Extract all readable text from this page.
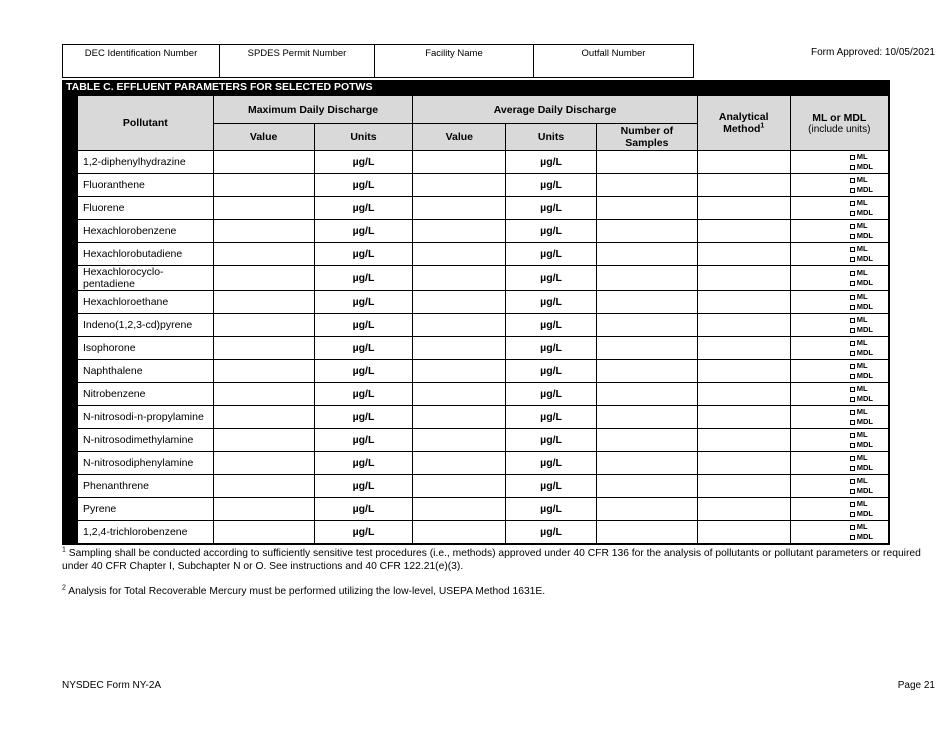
DEC Identification Number	SPDES Permit Number	Facility Name	Outfall Number	Form Approved: 10/05/2021
TABLE C. EFFLUENT PARAMETERS FOR SELECTED POTWS
Pollutant	Maximum Daily Discharge		Average Daily Discharge			Analytical Method$^1$	ML or MDL
(include units)

	Value	Units	Value	Units	Number of Samples		

1,2-diphenylhydrazine		µg/L		µg/L			ML
MDL

Fluoranthene		µg/L		µg/L			ML
MDL

Fluorene		µg/L		µg/L			ML
MDL

Hexachlorobenzene		µg/L		µg/L			ML
MDL

Hexachlorobutadiene		µg/L		µg/L			ML
MDL

Hexachlorocyclo-pentadiene		µg/L		µg/L			ML
MDL

Hexachloroethane		µg/L		µg/L			ML
MDL

Indeno(1,2,3-cd)pyrene		µg/L		µg/L			ML
MDL

Isophorone		µg/L		µg/L			ML
MDL

Naphthalene		µg/L		µg/L			ML
MDL

Nitrobenzene		µg/L		µg/L			ML
MDL

N-nitrosodi-n-propylamine		µg/L		µg/L			ML
MDL

N-nitrosodimethylamine		µg/L		µg/L			ML
MDL

N-nitrosodiphenylamine		µg/L		µg/L			ML
MDL

Phenanthrene		µg/L		µg/L			ML
MDL

Pyrene		µg/L		µg/L			ML
MDL

1,2,4-trichlorobenzene		µg/L		µg/L			ML
MDL

$^1$ Sampling shall be conducted according to sufficiently sensitive test procedures (i.e., methods) approved under 40 CFR 136 for the analysis of pollutants or pollutant parameters or required under 40 CFR Chapter I, Subchapter N or O. See instructions and 40 CFR 122.21(e)(3).

$^2$ Analysis for Total Recoverable Mercury must be performed utilizing the low-level, USEPA Method 1631E.

NYSDEC Form NY-2A	Page 21
